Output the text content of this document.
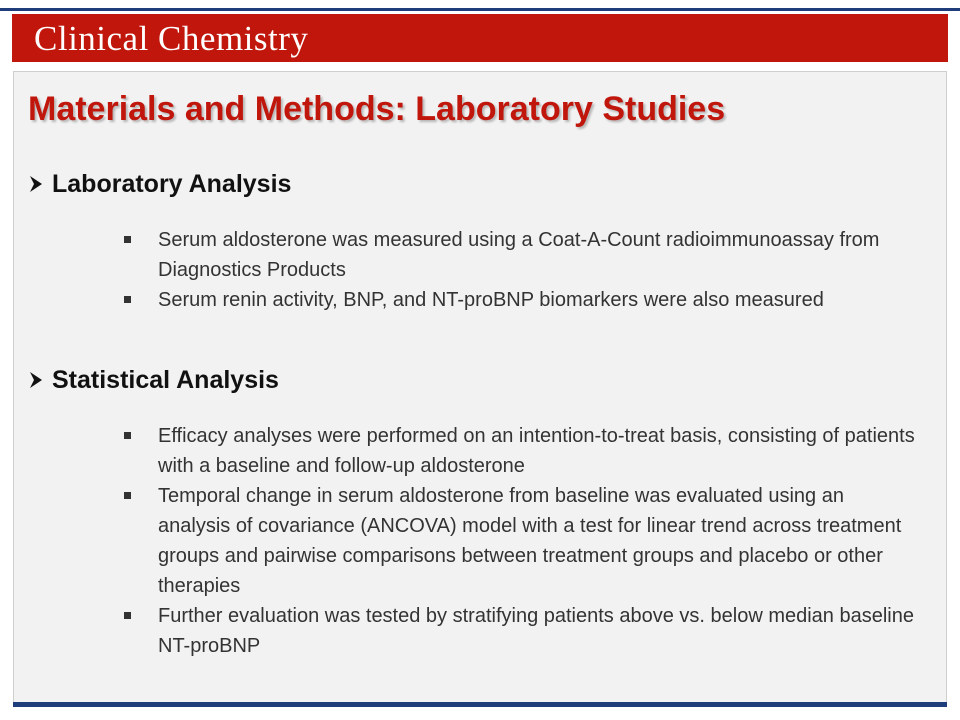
Clinical Chemistry
Materials and Methods: Laboratory Studies
Laboratory Analysis
Serum aldosterone was measured using a Coat-A-Count radioimmunoassay from Diagnostics Products
Serum renin activity, BNP, and NT-proBNP biomarkers were also measured
Statistical Analysis
Efficacy analyses were performed on an intention-to-treat basis, consisting of patients with a baseline and follow-up aldosterone
Temporal change in serum aldosterone from baseline was evaluated using an analysis of covariance (ANCOVA) model with a test for linear trend across treatment groups and pairwise comparisons between treatment groups and placebo or other therapies
Further evaluation was tested by stratifying patients above vs. below median baseline NT-proBNP
